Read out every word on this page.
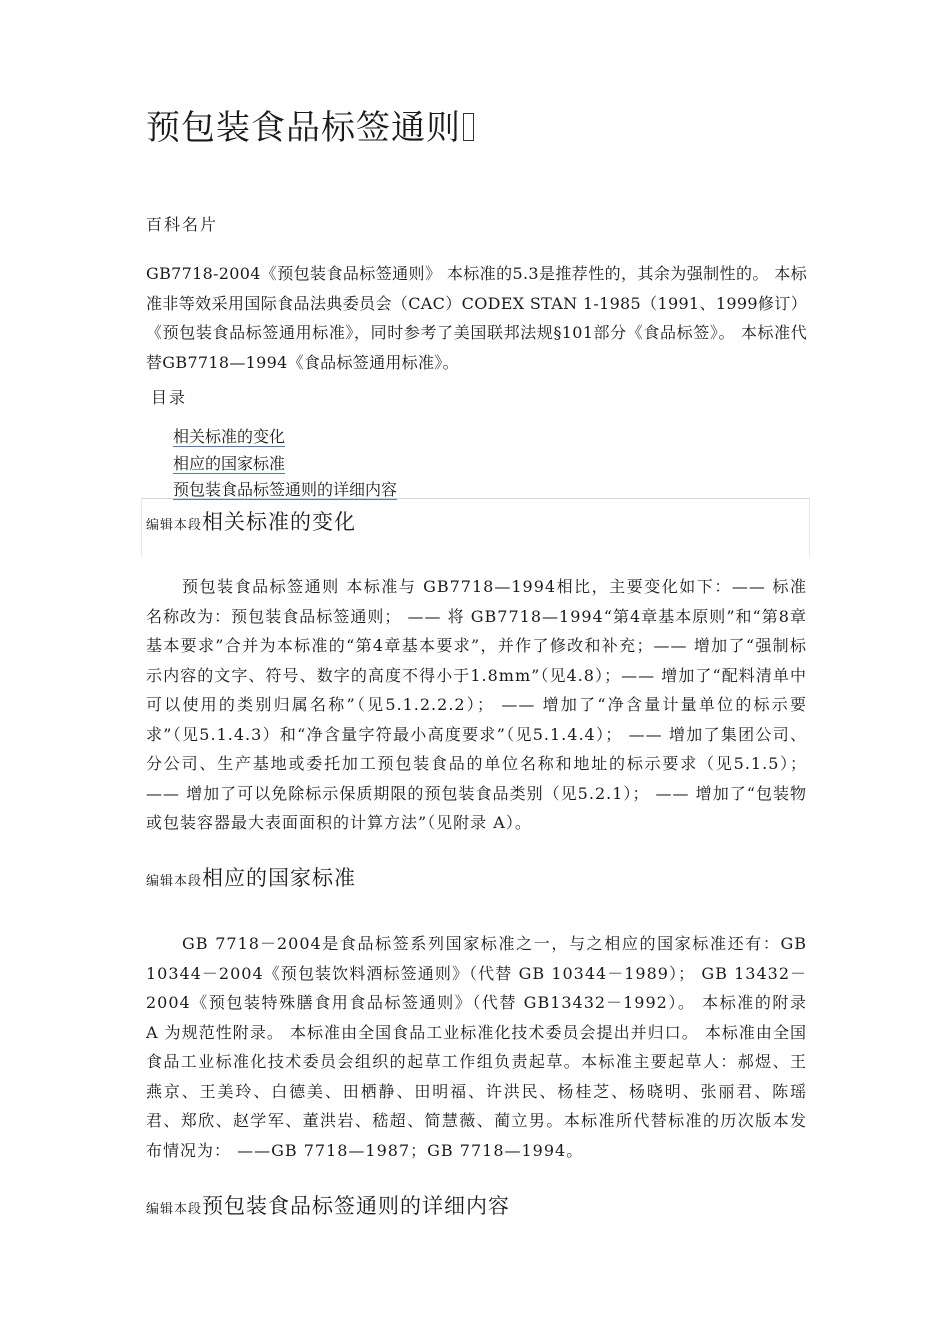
预包装食品标签通则
百科名片

GB7718-2004《预包装食品标签通则》 本标准的5.3是推荐性的，其余为强制性的。 本标准非等效采用国际食品法典委员会（CAC）CODEX STAN 1-1985（1991、1999修订）《预包装食品标签通用标准》，同时参考了美国联邦法规§101部分《食品标签》。 本标准代替GB7718—1994《食品标签通用标准》。

目录
相关标准的变化
相应的国家标准
预包装食品标签通则的详细内容
编辑本段相关标准的变化

预包装食品标签通则 本标准与 GB7718—1994相比，主要变化如下：—— 标准名称改为：预包装食品标签通则； —— 将 GB7718—1994“第4章基本原则”和“第8章基本要求”合并为本标准的“第4章基本要求”，并作了修改和补充；—— 增加了“强制标示内容的文字、符号、数字的高度不得小于1.8mm”（见4.8）；—— 增加了“配料清单中可以使用的类别归属名称”（见5.1.2.2.2）； —— 增加了“净含量计量单位的标示要求”（见5.1.4.3）和“净含量字符最小高度要求”（见5.1.4.4）； —— 增加了集团公司、分公司、生产基地或委托加工预包装食品的单位名称和地址的标示要求（见5.1.5）； —— 增加了可以免除标示保质期限的预包装食品类别（见5.2.1）； —— 增加了“包装物或包装容器最大表面面积的计算方法”（见附录 A）。

编辑本段相应的国家标准

GB 7718－2004是食品标签系列国家标准之一，与之相应的国家标准还有：GB 10344－2004《预包装饮料酒标签通则》（代替 GB 10344－1989）； GB 13432－2004《预包装特殊膳食用食品标签通则》（代替 GB13432－1992）。 本标准的附录 A 为规范性附录。 本标准由全国食品工业标准化技术委员会提出并归口。 本标准由全国食品工业标准化技术委员会组织的起草工作组负责起草。本标准主要起草人：郝煜、王燕京、王美玲、白德美、田栖静、田明福、许洪民、杨桂芝、杨晓明、张丽君、陈瑶君、郑欣、赵学军、董洪岩、嵇超、简慧薇、蔺立男。本标准所代替标准的历次版本发布情况为： ——GB 7718—1987；GB 7718—1994。

编辑本段预包装食品标签通则的详细内容
